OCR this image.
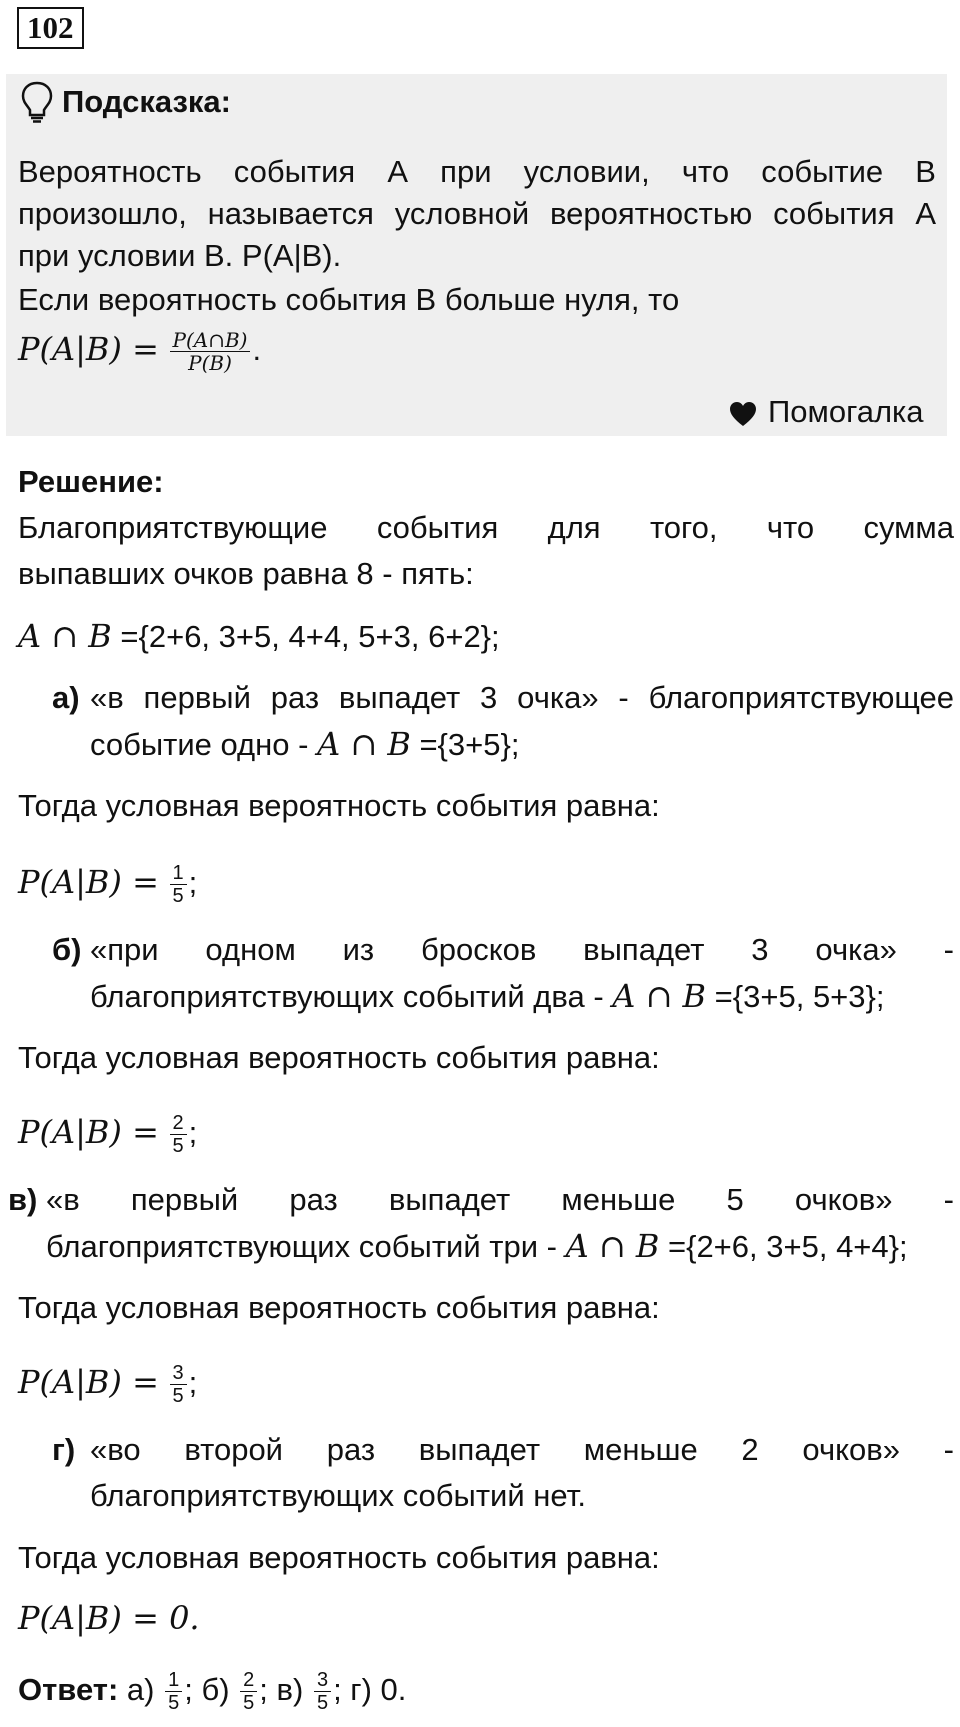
102
Подсказка:
Вероятность события А при условии, что событие В
произошло, называется условной вероятностью события А
при условии В. Р(А|В).
Если вероятность события В больше нуля, то
$P(A|B) = \frac{P(A\cap B)}{P(B)}$ .
Помогалка
Решение:
Благоприятствующие события для того, что сумма
выпавших очков равна 8 - пять:
A ∩ B ={2+6, 3+5, 4+4, 5+3, 6+2};
а) «в первый раз выпадет 3 очка» - благоприятствующее
событие одно - A ∩ B ={3+5};
Тогда условная вероятность события равна:
$P(A|B) = \frac{1}{5}$ ;
б) «при одном из бросков выпадет 3 очка» -
благоприятствующих событий два - A ∩ B ={3+5, 5+3};
Тогда условная вероятность события равна:
$P(A|B) = \frac{2}{5}$ ;
в) «в первый раз выпадет меньше 5 очков» -
благоприятствующих событий три - A ∩ B ={2+6, 3+5, 4+4};
Тогда условная вероятность события равна:
$P(A|B) = \frac{3}{5}$ ;
г) «во второй раз выпадет меньше 2 очков» -
благоприятствующих событий нет.
Тогда условная вероятность события равна:
P(A|B) = 0.
Ответ: $а) \frac{1}{5}$ ; $б) \frac{2}{5}$ ; $в) \frac{3}{5}$ ; г) 0.
